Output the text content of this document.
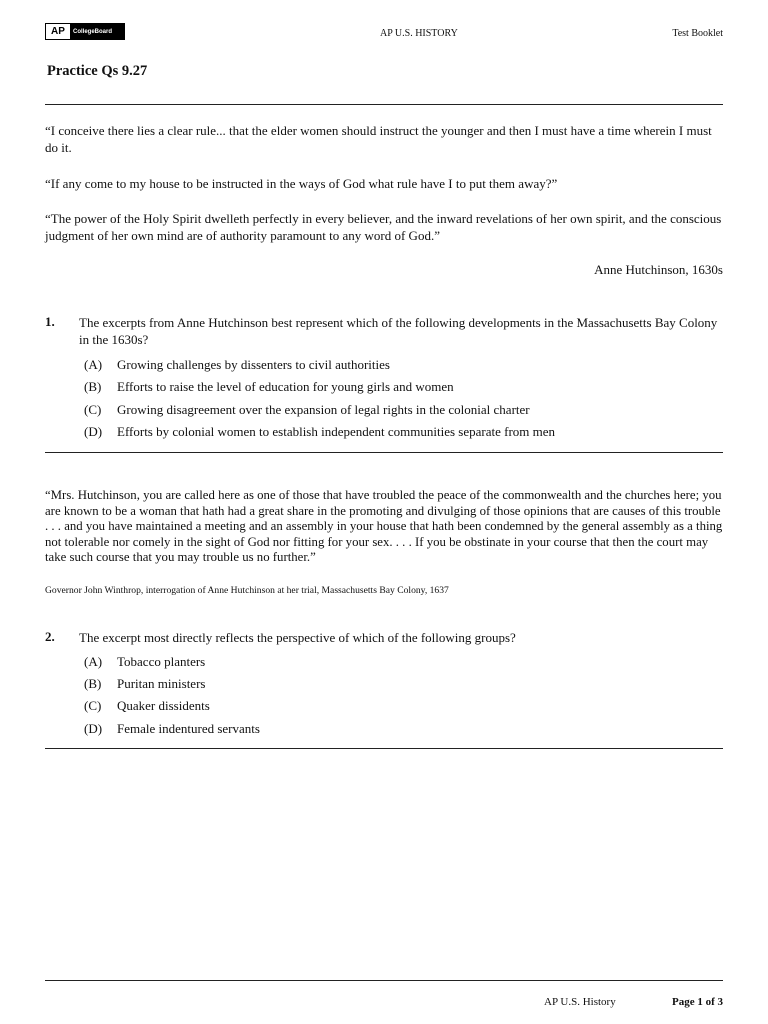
AP	CollegeBoard	AP U.S. HISTORY	Test Booklet
Practice Qs 9.27
“I conceive there lies a clear rule... that the elder women should instruct the younger and then I must have a time wherein I must do it.
“If any come to my house to be instructed in the ways of God what rule have I to put them away?”
“The power of the Holy Spirit dwelleth perfectly in every believer, and the inward revelations of her own spirit, and the conscious judgment of her own mind are of authority paramount to any word of God.”
Anne Hutchinson, 1630s
1. The excerpts from Anne Hutchinson best represent which of the following developments in the Massachusetts Bay Colony in the 1630s?
(A)	Growing challenges by dissenters to civil authorities
(B)	Efforts to raise the level of education for young girls and women
(C)	Growing disagreement over the expansion of legal rights in the colonial charter
(D)	Efforts by colonial women to establish independent communities separate from men
“Mrs. Hutchinson, you are called here as one of those that have troubled the peace of the commonwealth and the churches here; you are known to be a woman that hath had a great share in the promoting and divulging of those opinions that are causes of this trouble . . . and you have maintained a meeting and an assembly in your house that hath been condemned by the general assembly as a thing not tolerable nor comely in the sight of God nor fitting for your sex. . . . If you be obstinate in your course that then the court may take such course that you may trouble us no further.”
Governor John Winthrop, interrogation of Anne Hutchinson at her trial, Massachusetts Bay Colony, 1637
2. The excerpt most directly reflects the perspective of which of the following groups?
(A)	Tobacco planters
(B)	Puritan ministers
(C)	Quaker dissidents
(D)	Female indentured servants
AP U.S. History	Page 1 of 3
